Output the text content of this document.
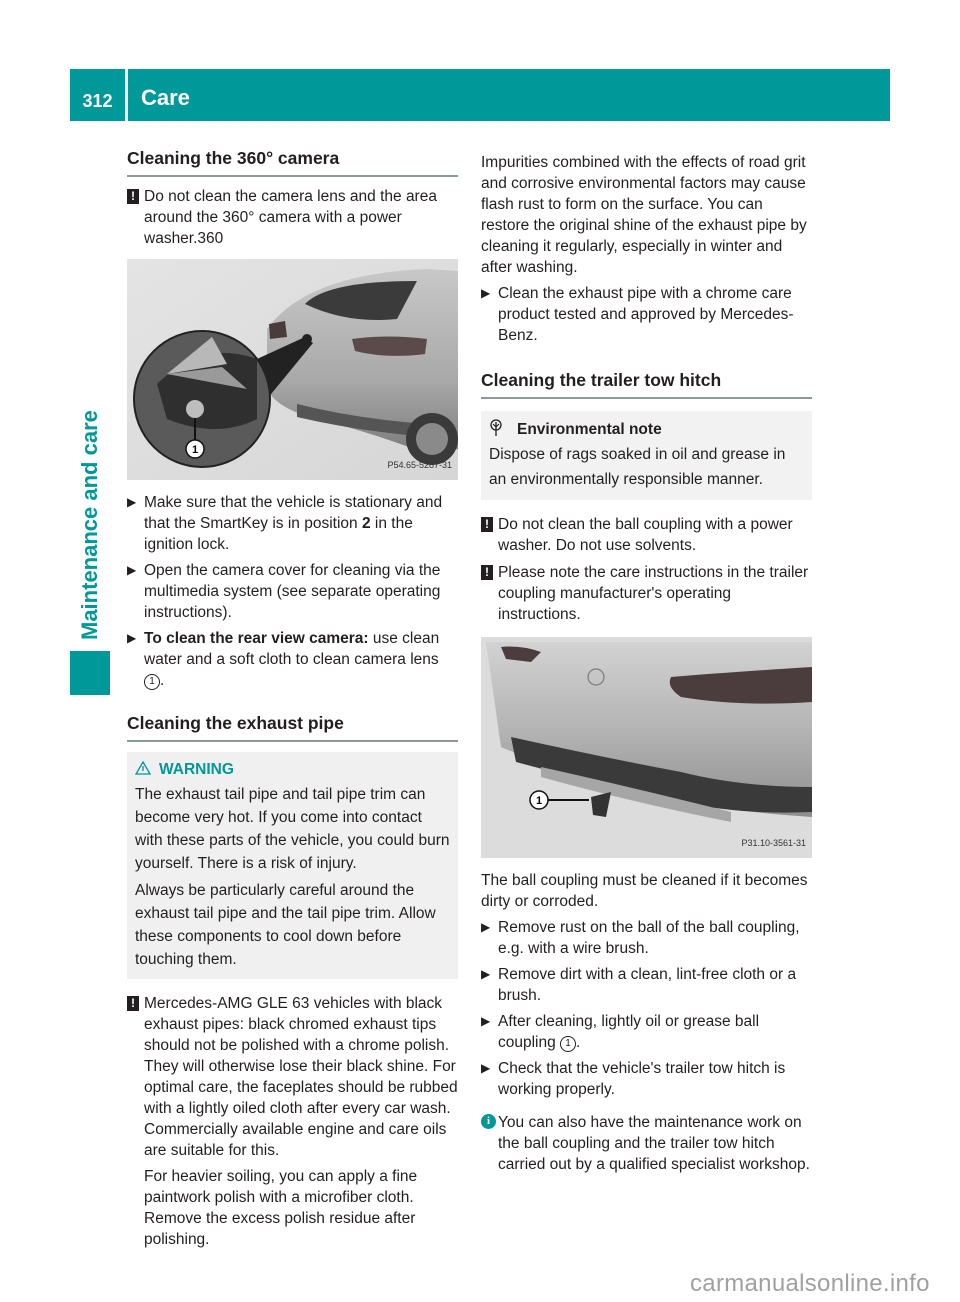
312	Care
Maintenance and care
Cleaning the 360° camera
! Do not clean the camera lens and the area around the 360° camera with a power washer.360

1
P54.65-5287-31
▶ Make sure that the vehicle is stationary and that the SmartKey is in position 2 in the ignition lock.
▶ Open the camera cover for cleaning via the multimedia system (see separate operating instructions).
▶ To clean the rear view camera: use clean water and a soft cloth to clean camera lens 1 .
Cleaning the exhaust pipe
WARNING

The exhaust tail pipe and tail pipe trim can become very hot. If you come into contact with these parts of the vehicle, you could burn yourself. There is a risk of injury.

Always be particularly careful around the exhaust tail pipe and the tail pipe trim. Allow these components to cool down before touching them.

! Mercedes-AMG GLE 63 vehicles with black exhaust pipes: black chromed exhaust tips should not be polished with a chrome polish. They will otherwise lose their black shine. For optimal care, the faceplates should be rubbed with a lightly oiled cloth after every car wash. Commercially available engine and care oils are suitable for this.

For heavier soiling, you can apply a fine paintwork polish with a microfiber cloth. Remove the excess polish residue after polishing.

Impurities combined with the effects of road grit and corrosive environmental factors may cause flash rust to form on the surface. You can restore the original shine of the exhaust pipe by cleaning it regularly, especially in winter and after washing.

▶ Clean the exhaust pipe with a chrome care product tested and approved by Mercedes-Benz.
Cleaning the trailer tow hitch
Environmental note

Dispose of rags soaked in oil and grease in an environmentally responsible manner.

! Do not clean the ball coupling with a power washer. Do not use solvents.

! Please note the care instructions in the trailer coupling manufacturer's operating instructions.

1
P31.10-3561-31

The ball coupling must be cleaned if it becomes dirty or corroded.

▶ Remove rust on the ball of the ball coupling, e.g. with a wire brush.
▶ Remove dirt with a clean, lint-free cloth or a brush.
▶ After cleaning, lightly oil or grease ball coupling 1 .
▶ Check that the vehicle's trailer tow hitch is working properly.
i You can also have the maintenance work on the ball coupling and the trailer tow hitch carried out by a qualified specialist workshop.

carmanualsonline.info
